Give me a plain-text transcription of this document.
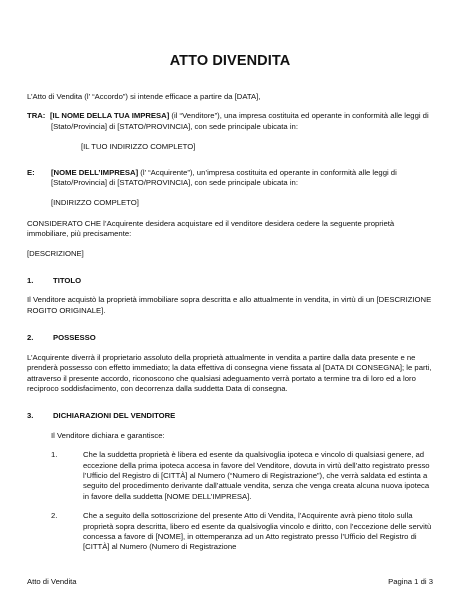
ATTO DIVENDITA

L’Atto di Vendita (l’ “Accordo”) si intende efficace a partire da [DATA],

TRA: [IL NOME DELLA TUA IMPRESA] (il “Venditore”), una impresa costituita ed operante in conformità alle leggi di [Stato/Provincia] di [STATO/PROVINCIA], con sede principale ubicata in:

[IL TUO INDIRIZZO COMPLETO]

E:	[NOME DELL’IMPRESA] (l’ “Acquirente”), un’impresa costituita ed operante in conformità alle leggi di [Stato/Provincia] di [STATO/PROVINCIA], con sede principale ubicata in:

[INDIRIZZO COMPLETO]

CONSIDERATO CHE l’Acquirente desidera acquistare ed il venditore desidera cedere la seguente proprietà immobiliare, più precisamente:

[DESCRIZIONE]

1.	TITOLO

Il Venditore acquistò la proprietà immobiliare sopra descritta e allo attualmente in vendita, in virtù di un [DESCRIZIONE ROGITO ORIGINALE].

2.	POSSESSO

L’Acquirente diverrà il proprietario assoluto della proprietà attualmente in vendita a partire dalla data presente e ne prenderà possesso con effetto immediato; la data effettiva di consegna viene fissata al [DATA DI CONSEGNA]; le parti, attraverso il presente accordo, riconoscono che qualsiasi adeguamento verrà portato a termine tra di loro ed a loro reciproco soddisfacimento, con decorrenza dalla suddetta Data di consegna.

3.	DICHIARAZIONI DEL VENDITORE

Il Venditore dichiara e garantisce:

1.	Che la suddetta proprietà è libera ed esente da qualsivoglia ipoteca e vincolo di qualsiasi genere, ad eccezione della prima ipoteca accesa in favore del Venditore, dovuta in virtù dell’atto registrato presso l’Ufficio del Registro di [CITTÀ] al Numero (“Numero di Registrazione”), che verrà saldata ed estinta a seguito del procedimento derivante dall’attuale vendita, senza che venga creata alcuna nuova ipoteca in favore della suddetta [NOME DELL’IMPRESA].
2.	Che a seguito della sottoscrizione del presente Atto di Vendita, l’Acquirente avrà pieno titolo sulla proprietà sopra descritta, libero ed esente da qualsivoglia vincolo e diritto, con l’eccezione delle servitù concessa a favore di [NOME], in ottemperanza ad un Atto registrato presso l’Ufficio del Registro di [CITTÀ] al Numero (Numero di Registrazione
Atto di Vendita	Pagina 1 di 3
